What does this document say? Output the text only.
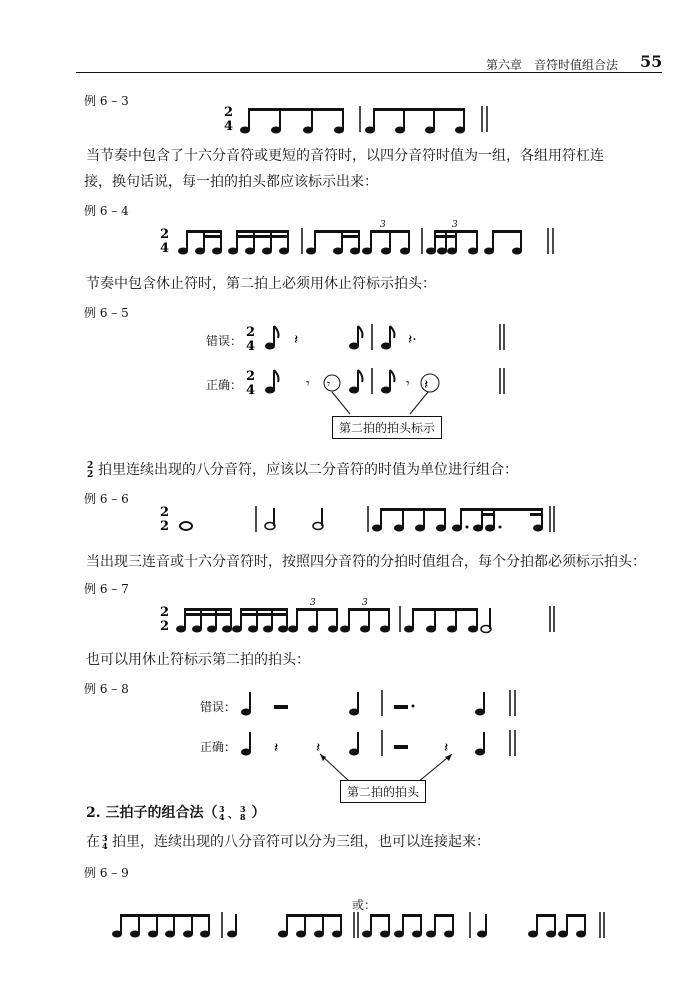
第六章　音符时值组合法 55
例 6 – 3
2
4
当节奏中包含了十六分音符或更短的音符时，以四分音符时值为一组，各组用符杠连
接，换句话说，每一拍的拍头都应该标示出来：
例 6 – 4
2
4
3	3
节奏中包含休止符时，第二拍上必须用休止符标示拍头：
例 6 – 5
错误：
2
4	𝄽	𝄽·
正确：
2
4	𝄾 𝄾	𝄾 𝄽
第二拍的拍头标示
2
2 拍里连续出现的八分音符，应该以二分音符的时值为单位进行组合：
例 6 – 6
2
2
当出现三连音或十六分音符时，按照四分音符的分拍时值组合，每个分拍都必须标示拍头：
例 6 – 7
2
2
3	3
也可以用休止符标示第二拍的拍头：
例 6 – 8
错误：
正确：	𝄽	𝄽	𝄽
第二拍的拍头
2. 三拍子的组合法（ 3
4 、
3
8 ）
在 3
4 拍里，连续出现的八分音符可以分为三组，也可以连接起来：
例 6 – 9
或：
